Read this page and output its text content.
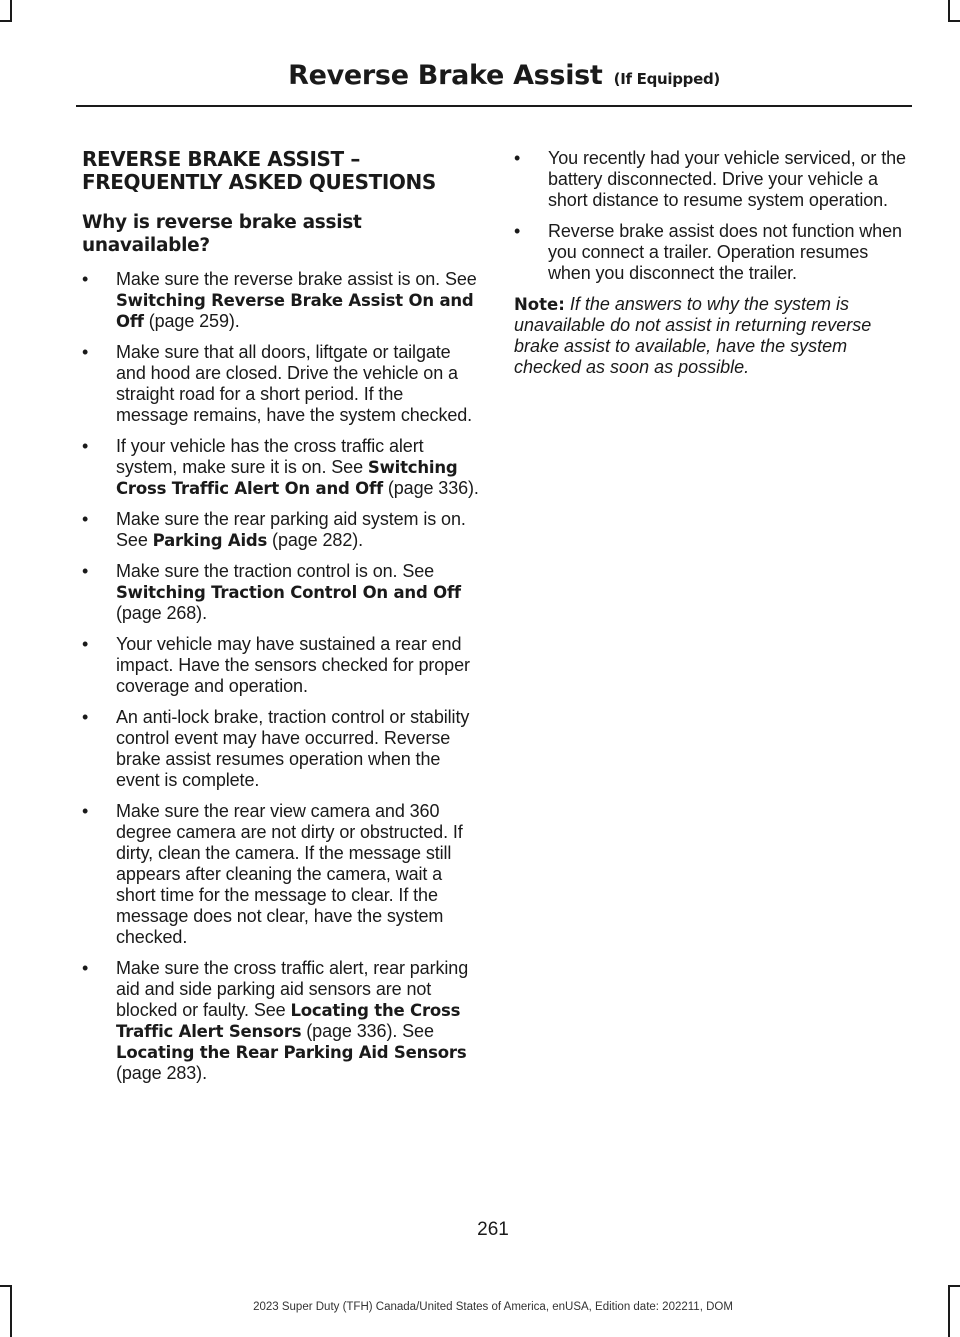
Reverse Brake Assist (If Equipped)
REVERSE BRAKE ASSIST – FREQUENTLY ASKED QUESTIONS
Why is reverse brake assist unavailable?
• Make sure the reverse brake assist is on. See Switching Reverse Brake Assist On and Off (page 259).
• Make sure that all doors, liftgate or tailgate and hood are closed. Drive the vehicle on a straight road for a short period. If the message remains, have the system checked.
• If your vehicle has the cross traffic alert system, make sure it is on. See Switching Cross Traffic Alert On and Off (page 336).
• Make sure the rear parking aid system is on. See Parking Aids (page 282).
• Make sure the traction control is on. See Switching Traction Control On and Off (page 268).
• Your vehicle may have sustained a rear end impact. Have the sensors checked for proper coverage and operation.
• An anti-lock brake, traction control or stability control event may have occurred. Reverse brake assist resumes operation when the event is complete.
• Make sure the rear view camera and 360 degree camera are not dirty or obstructed. If dirty, clean the camera. If the message still appears after cleaning the camera, wait a short time for the message to clear. If the message does not clear, have the system checked.
• Make sure the cross traffic alert, rear parking aid and side parking aid sensors are not blocked or faulty. See Locating the Cross Traffic Alert Sensors (page 336). See Locating the Rear Parking Aid Sensors (page 283).
• You recently had your vehicle serviced, or the battery disconnected. Drive your vehicle a short distance to resume system operation.
• Reverse brake assist does not function when you connect a trailer. Operation resumes when you disconnect the trailer.
Note: If the answers to why the system is unavailable do not assist in returning reverse brake assist to available, have the system checked as soon as possible.
261
2023 Super Duty (TFH) Canada/United States of America, enUSA, Edition date: 202211, DOM
